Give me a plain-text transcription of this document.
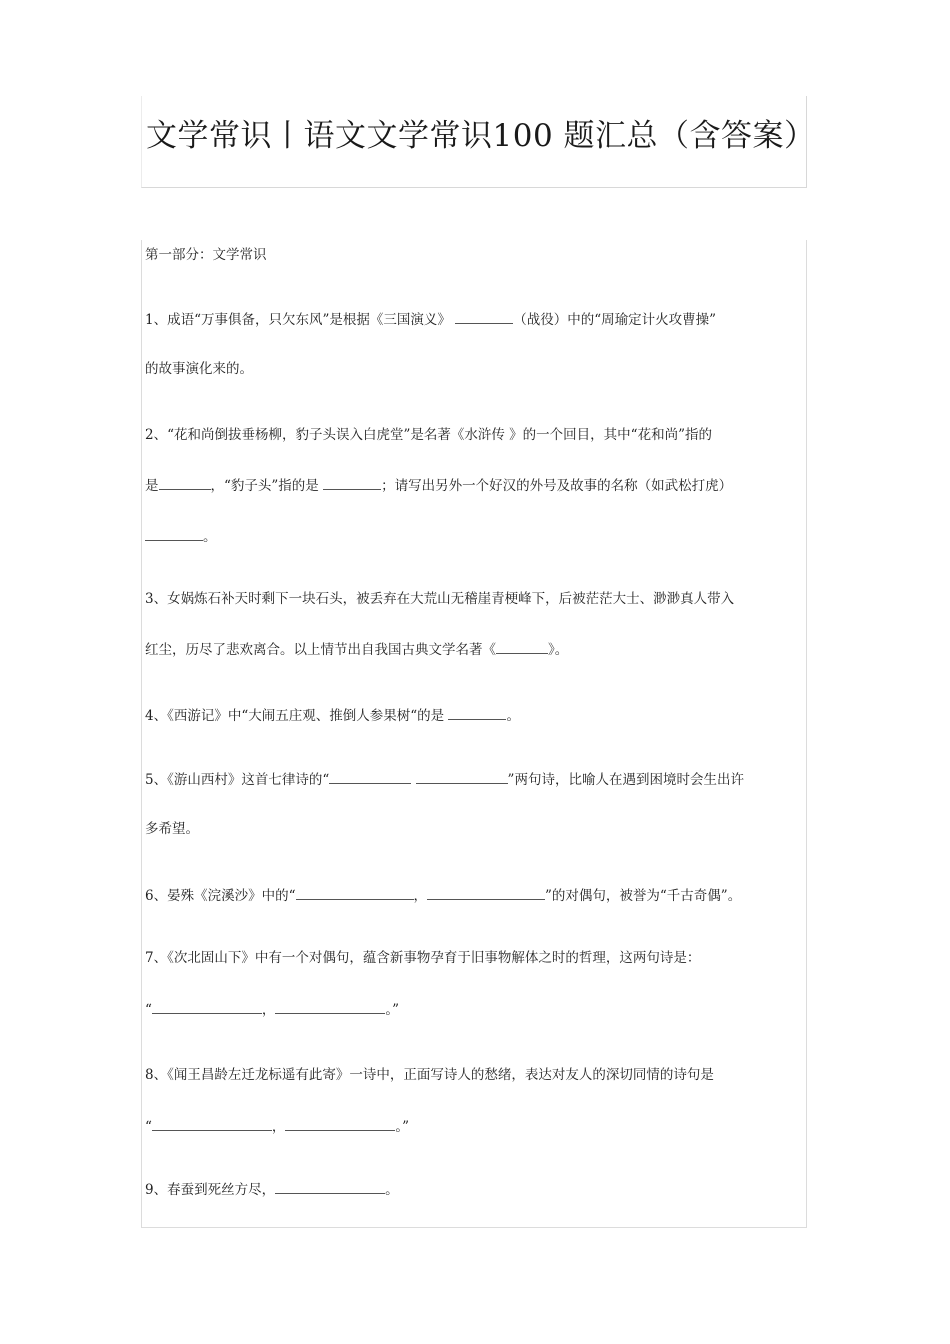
文学常识丨语文文学常识100 题汇总（含答案）
第一部分：文学常识
1、成语“万事俱备，只欠东风”是根据《三国演义》	（战役）中的“周瑜定计火攻曹操”
的故事演化来的。
2、“花和尚倒拔垂杨柳，豹子头误入白虎堂”是名著《水浒传 》的一个回目，其中“花和尚”指的
是	，“豹子头”指的是	；请写出另外一个好汉的外号及故事的名称（如武松打虎）
。
3、女娲炼石补天时剩下一块石头，被丢弃在大荒山无稽崖青梗峰下，后被茫茫大士、渺渺真人带入
红尘，历尽了悲欢离合。以上情节出自我国古典文学名著《	》。
4、《西游记》中“大闹五庄观、推倒人参果树“的是	。
5、《游山西村》这首七律诗的“	”两句诗，比喻人在遇到困境时会生出许
多希望。
6、晏殊《浣溪沙》中的“	，	”的对偶句，被誉为“千古奇偶”。
7、《次北固山下》中有一个对偶句，蕴含新事物孕育于旧事物解体之时的哲理，这两句诗是：
“	，	。”
8、《闻王昌龄左迁龙标遥有此寄》一诗中，正面写诗人的愁绪，表达对友人的深切同情的诗句是
“	，	。”
9、春蚕到死丝方尽，	。
